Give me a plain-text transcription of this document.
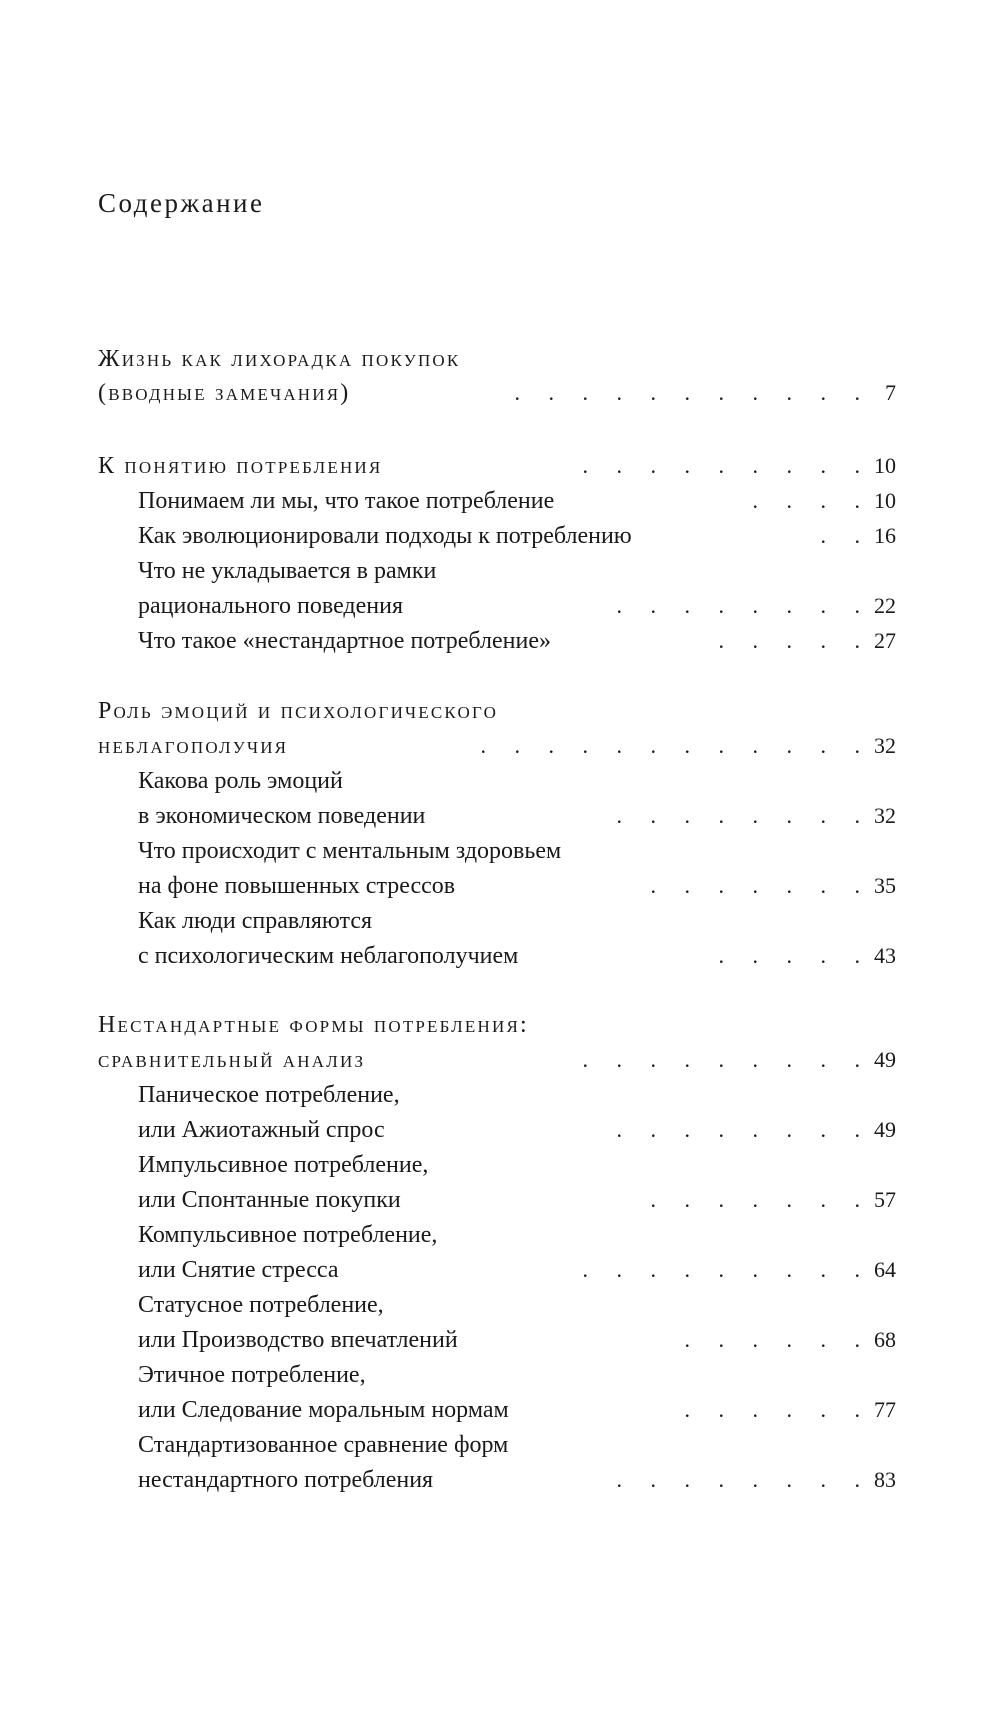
Содержание
Жизнь как лихорадка покупок
(вводные замечания)	. . . . . . . . . . . 7
К понятию потребления	. . . . . . . . . 10
Понимаем ли мы, что такое потребление	. . . . 10
Как эволюционировали подходы к потреблению	. . 16
Что не укладывается в рамки
рационального поведения	. . . . . . . . 22
Что такое «нестандартное потребление»	. . . . . 27
Роль эмоций и психологического
неблагополучия	. . . . . . . . . . . . 32
Какова роль эмоций
в экономическом поведении	. . . . . . . . 32
Что происходит с ментальным здоровьем
на фоне повышенных стрессов	. . . . . . . 35
Как люди справляются
с психологическим неблагополучием	. . . . . 43
Нестандартные формы потребления:
сравнительный анализ	. . . . . . . . . 49
Паническое потребление,
или Ажиотажный спрос	. . . . . . . . 49
Импульсивное потребление,
или Спонтанные покупки	. . . . . . . 57
Компульсивное потребление,
или Снятие стресса	. . . . . . . . . 64
Статусное потребление,
или Производство впечатлений	. . . . . . 68
Этичное потребление,
или Следование моральным нормам	. . . . . . 77
Стандартизованное сравнение форм
нестандартного потребления	. . . . . . . . 83
